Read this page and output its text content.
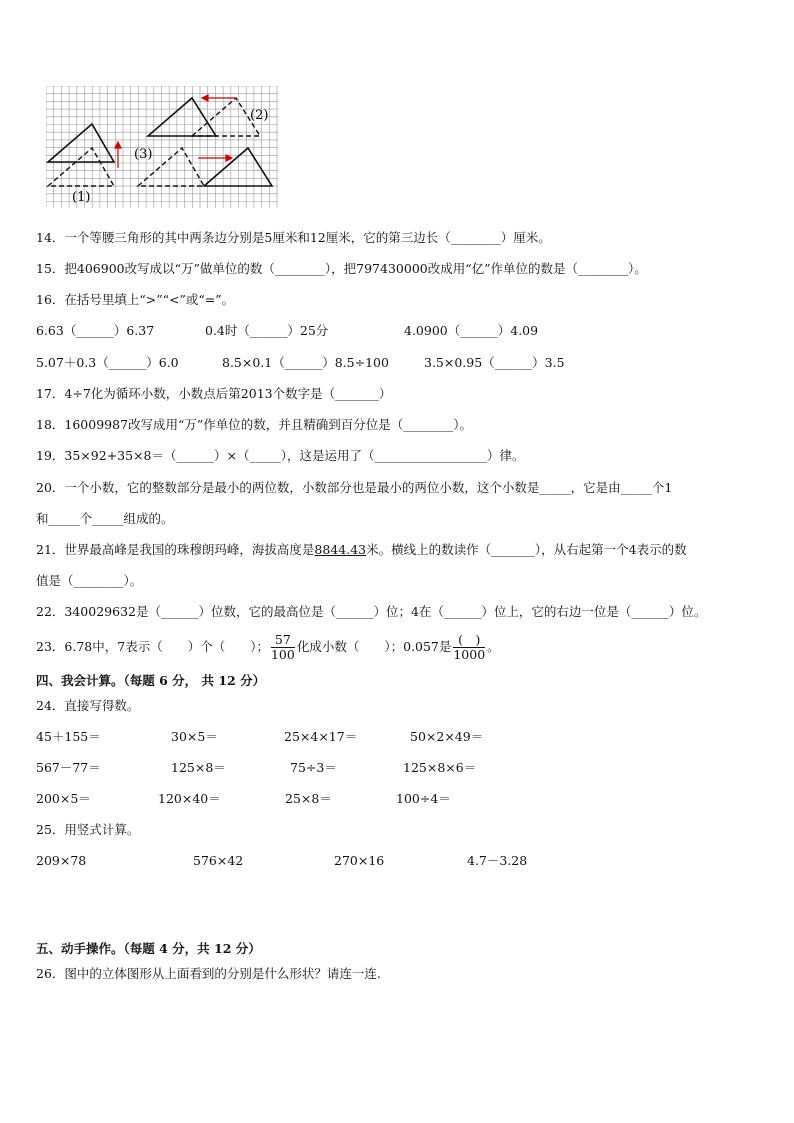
(2)
(3)
(1)
14．一个等腰三角形的其中两条边分别是5厘米和12厘米，它的第三边长（________）厘米。
15．把406900改写成以“万”做单位的数（________），把797430000改成用“亿”作单位的数是（________）。
16．在括号里填上“>”“<”或“=”。
6.63（______）6.37	0.4时（______）25分	4.0900（______）4.09
5.07＋0.3（______）6.0	8.5×0.1（______）8.5÷100	3.5×0.95（______）3.5
17．4÷7化为循环小数，小数点后第2013个数字是（_______）
18．16009987改写成用“万”作单位的数，并且精确到百分位是（________）。
19．35×92+35×8＝（______）×（_____），这是运用了（__________________）律。
20．一个小数，它的整数部分是最小的两位数，小数部分也是最小的两位小数，这个小数是_____，它是由_____个1
和_____个_____组成的。
21．世界最高峰是我国的珠穆朗玛峰，海拔高度是8844.43米。横线上的数读作（_______），从右起第一个4表示的数
值是（________）。
22．340029632是（______）位数，它的最高位是（______）位；4在（______）位上，它的右边一位是（______）位。
23．6.78中，7表示（　　）个（　　）； $\frac{57}{100}$ 化成小数（　　）；0.057是 $\frac{( )}{1000}$ 。
四、我会计算。（每题 6 分， 共 12 分）
24．直接写得数。
45＋155＝	30×5＝	25×4×17＝	50×2×49＝
567－77＝	125×8＝	75÷3＝	125×8×6＝
200×5＝	120×40＝	25×8＝	100÷4＝
25．用竖式计算。
209×78	576×42	270×16	4.7－3.28
五、动手操作。（每题 4 分，共 12 分）
26．图中的立体图形从上面看到的分别是什么形状？请连一连.
